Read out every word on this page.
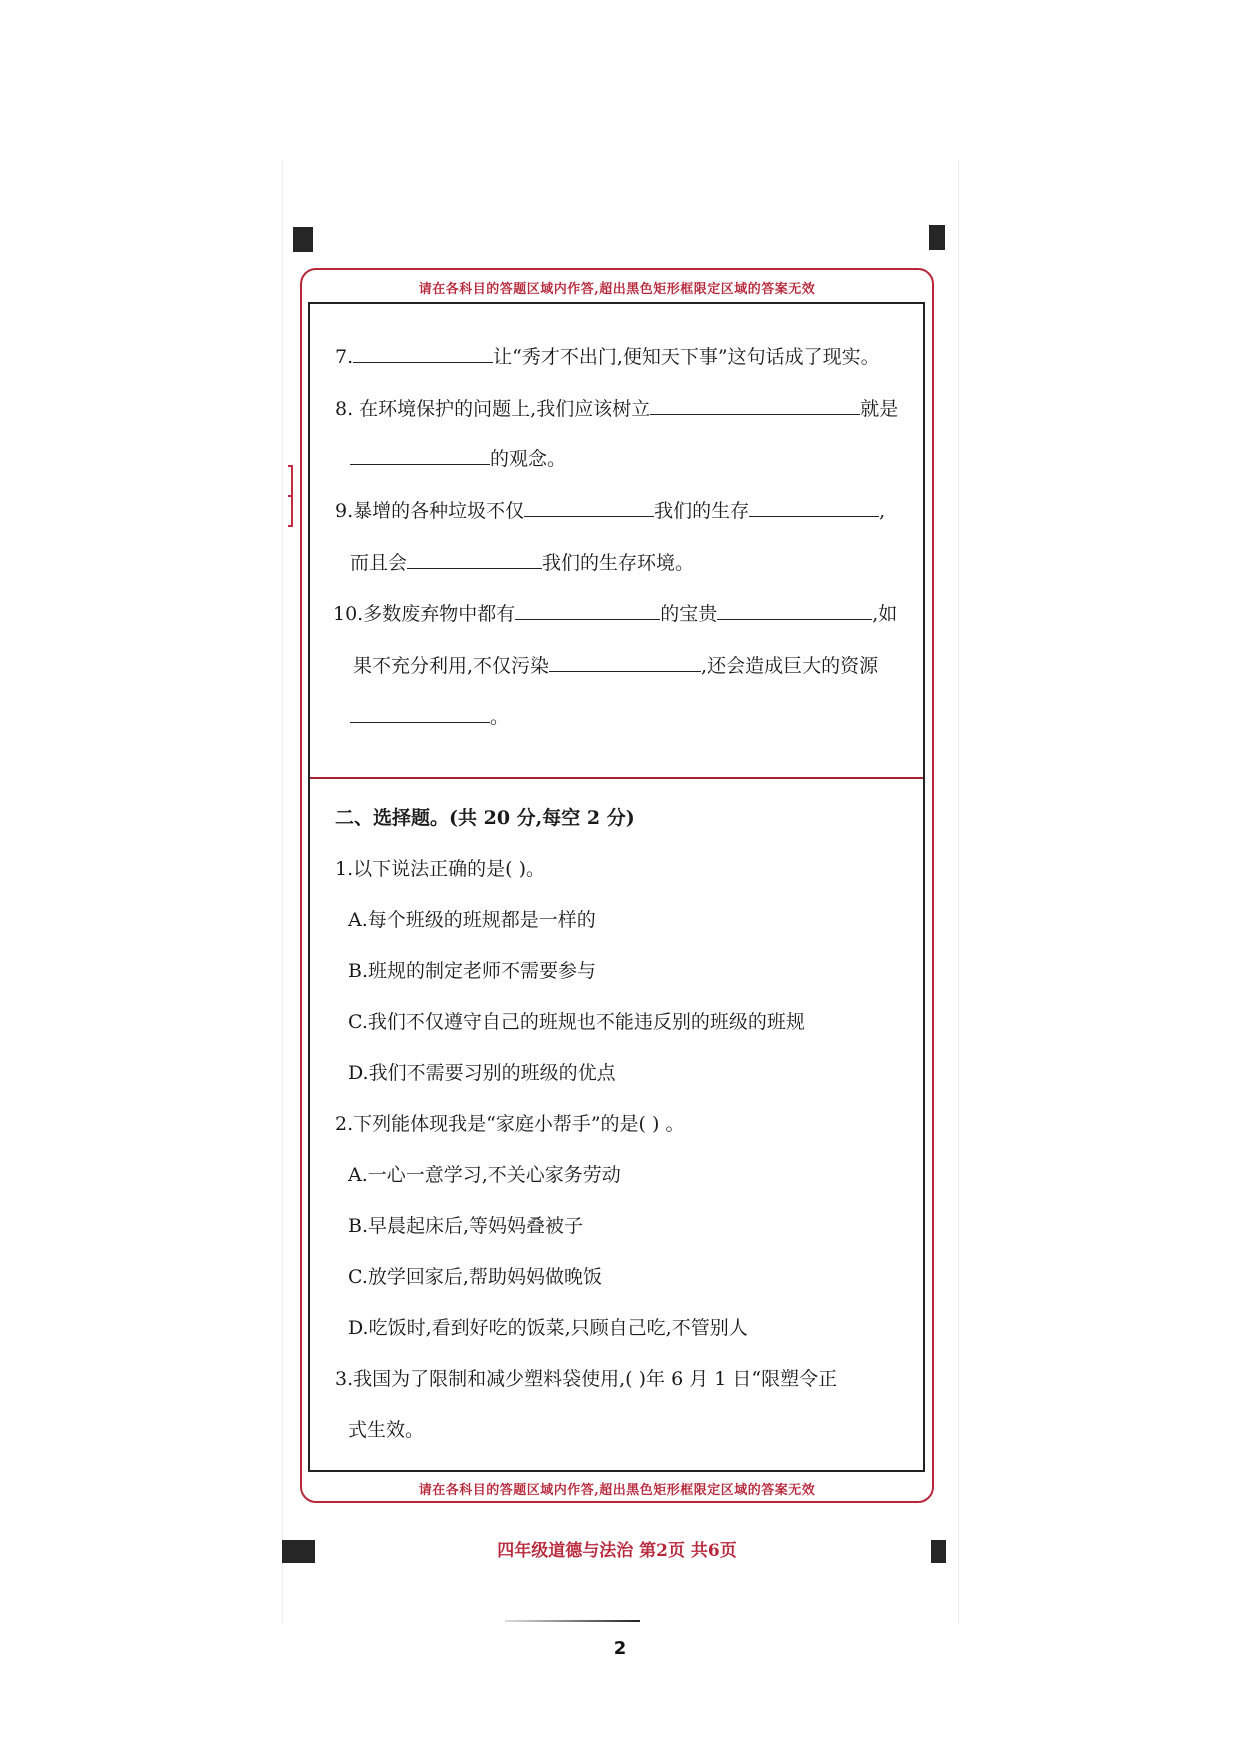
请在各科目的答题区域内作答,超出黑色矩形框限定区域的答案无效
7.	让“秀才不出门,便知天下事”这句话成了现实。
8. 在环境保护的问题上,我们应该树立	就是
的观念。
9.暴增的各种垃圾不仅	我们的生存	,
而且会	我们的生存环境。
10.多数废弃物中都有	的宝贵	,如
果不充分利用,不仅污染	,还会造成巨大的资源
。
二、选择题。(共 20 分,每空 2 分)
1.以下说法正确的是( )。
A.每个班级的班规都是一样的
B.班规的制定老师不需要参与
C.我们不仅遵守自己的班规也不能违反别的班级的班规
D.我们不需要习别的班级的优点
2.下列能体现我是“家庭小帮手”的是( ) 。
A.一心一意学习,不关心家务劳动
B.早晨起床后,等妈妈叠被子
C.放学回家后,帮助妈妈做晚饭
D.吃饭时,看到好吃的饭菜,只顾自己吃,不管别人
3.我国为了限制和减少塑料袋使用,( )年 6 月 1 日“限塑令正
式生效。
请在各科目的答题区域内作答,超出黑色矩形框限定区域的答案无效
四年级道德与法治 第2页 共6页
2
